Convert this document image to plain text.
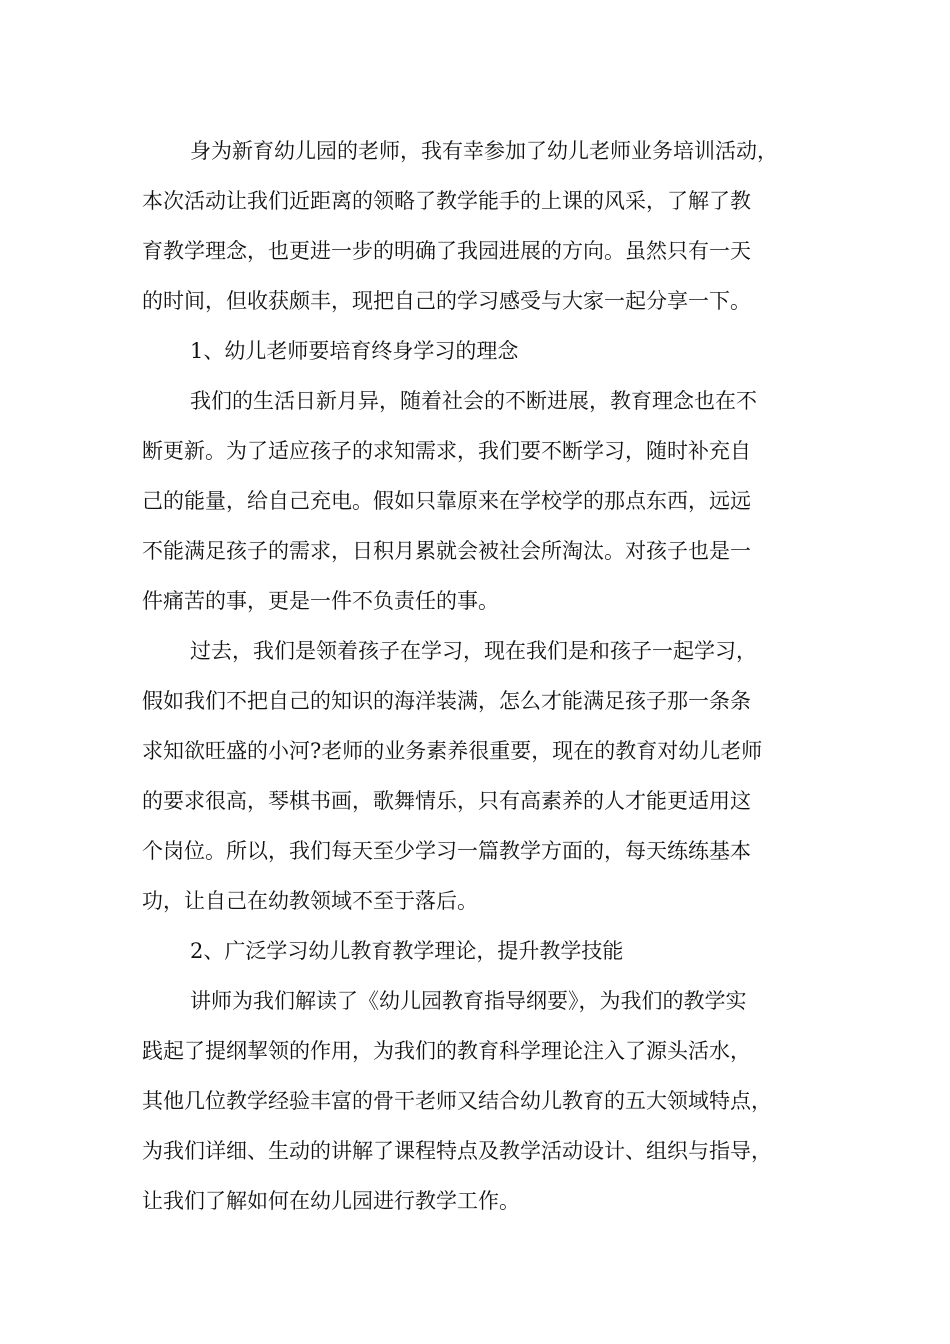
身为新育幼儿园的老师，我有幸参加了幼儿老师业务培训活动，
本次活动让我们近距离的领略了教学能手的上课的风采，了解了教
育教学理念，也更进一步的明确了我园进展的方向。虽然只有一天
的时间，但收获颇丰，现把自己的学习感受与大家一起分享一下。
1、幼儿老师要培育终身学习的理念
我们的生活日新月异，随着社会的不断进展，教育理念也在不
断更新。为了适应孩子的求知需求，我们要不断学习，随时补充自
己的能量，给自己充电。假如只靠原来在学校学的那点东西，远远
不能满足孩子的需求，日积月累就会被社会所淘汰。对孩子也是一
件痛苦的事，更是一件不负责任的事。
过去，我们是领着孩子在学习，现在我们是和孩子一起学习，
假如我们不把自己的知识的海洋装满，怎么才能满足孩子那一条条
求知欲旺盛的小河?老师的业务素养很重要，现在的教育对幼儿老师
的要求很高，琴棋书画，歌舞情乐，只有高素养的人才能更适用这
个岗位。所以，我们每天至少学习一篇教学方面的，每天练练基本
功，让自己在幼教领域不至于落后。
2、广泛学习幼儿教育教学理论，提升教学技能
讲师为我们解读了《幼儿园教育指导纲要》，为我们的教学实
践起了提纲挈领的作用，为我们的教育科学理论注入了源头活水，
其他几位教学经验丰富的骨干老师又结合幼儿教育的五大领域特点，
为我们详细、生动的讲解了课程特点及教学活动设计、组织与指导，
让我们了解如何在幼儿园进行教学工作。
